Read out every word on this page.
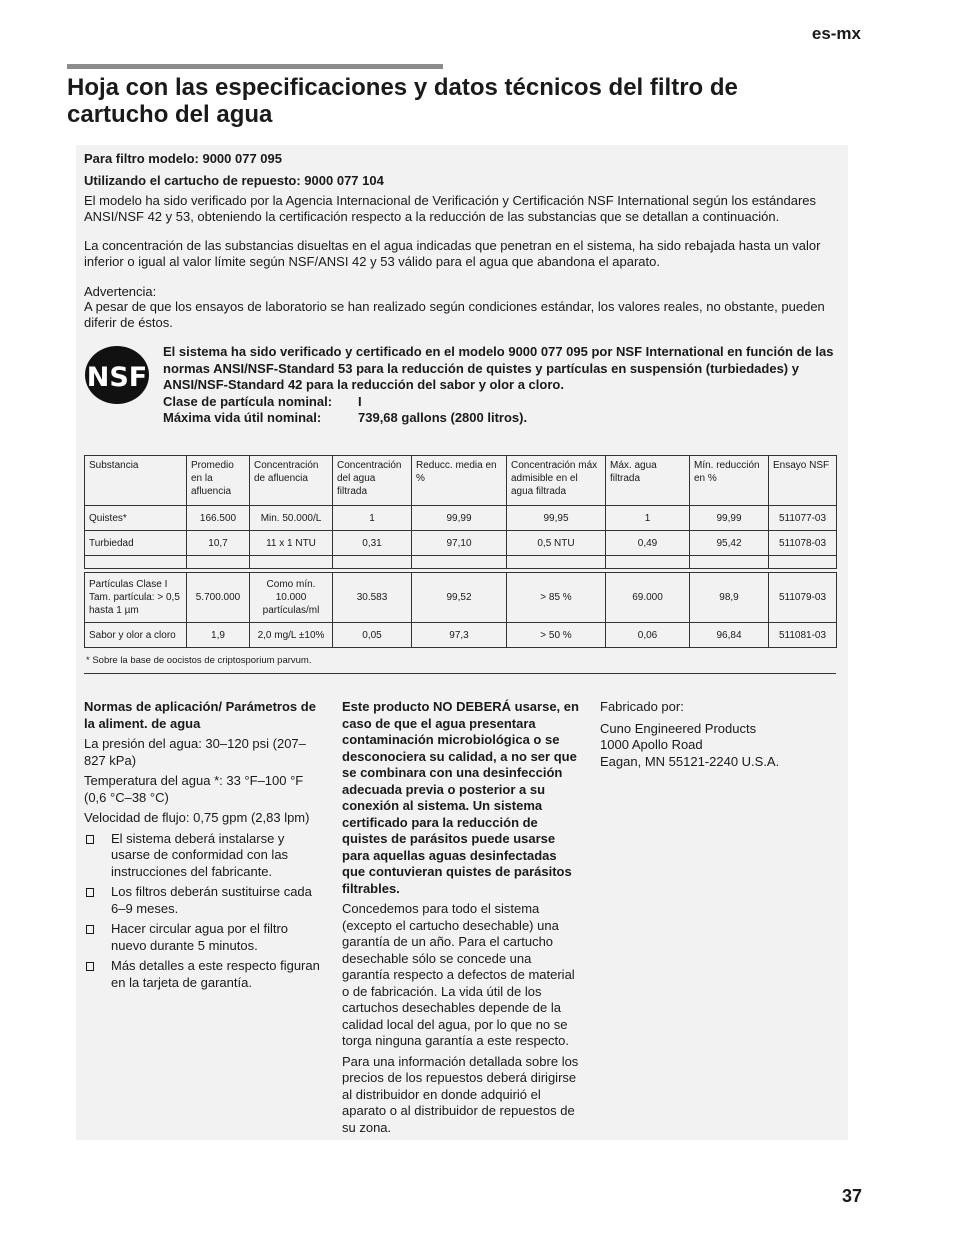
es-mx
Hoja con las especificaciones y datos técnicos del filtro de cartucho del agua

Para filtro modelo: 9000 077 095

Utilizando el cartucho de repuesto: 9000 077 104

El modelo ha sido verificado por la Agencia Internacional de Verificación y Certificación NSF International según los estándares ANSI/NSF 42 y 53, obteniendo la certificación respecto a la reducción de las substancias que se detallan a continuación.

La concentración de las substancias disueltas en el agua indicadas que penetran en el sistema, ha sido rebajada hasta un valor inferior o igual al valor límite según NSF/ANSI 42 y 53 válido para el agua que abandona el aparato.

Advertencia:

A pesar de que los ensayos de laboratorio se han realizado según condiciones estándar, los valores reales, no obstante, pueden diferir de éstos.

NSF
El sistema ha sido verificado y certificado en el modelo 9000 077 095 por NSF International en función de las normas ANSI/NSF-Standard 53 para la reducción de quistes y partículas en suspensión (turbiedades) y ANSI/NSF-Standard 42 para la reducción del sabor y olor a cloro.
Clase de partícula nominal:	I
Máxima vida útil nominal:	739,68 gallons (2800 litros).
Substancia	Promedio en la afluencia	Concentración de afluencia	Concentración del agua filtrada	Reducc. media en %	Concentración máx admisible en el agua filtrada	Máx. agua filtrada	Mín. reducción en %	Ensayo NSF
Quistes*	166.500	Min. 50.000/L	1	99,99	99,95	1	99,99	511077-03
Turbiedad	10,7	11 x 1 NTU	0,31	97,10	0,5 NTU	0,49	95,42	511078-03

Partículas Clase I Tam. partícula: > 0,5 hasta 1 µm	5.700.000	Como mín. 10.000 partículas/ml	30.583	99,52	> 85 %	69.000	98,9	511079-03
Sabor y olor a cloro	1,9	2,0 mg/L ±10%	0,05	97,3	> 50 %	0,06	96,84	511081-03
* Sobre la base de oocistos de criptosporium parvum.

Normas de aplicación/ Parámetros de la aliment. de agua

La presión del agua: 30–120 psi (207–827 kPa)

Temperatura del agua *: 33 °F–100 °F (0,6 °C–38 °C)

Velocidad de flujo: 0,75 gpm (2,83 lpm)

El sistema deberá instalarse y usarse de conformidad con las instrucciones del fabricante.
Los filtros deberán sustituirse cada 6–9 meses.
Hacer circular agua por el filtro nuevo durante 5 minutos.
Más detalles a este respecto figuran en la tarjeta de garantía.

Este producto NO DEBERÁ usarse, en caso de que el agua presentara contaminación microbiológica o se desconociera su calidad, a no ser que se combinara con una desinfección adecuada previa o posterior a su conexión al sistema. Un sistema certificado para la reducción de quistes de parásitos puede usarse para aquellas aguas desinfectadas que contuvieran quistes de parásitos filtrables.

Concedemos para todo el sistema (excepto el cartucho desechable) una garantía de un año. Para el cartucho desechable sólo se concede una garantía respecto a defectos de material o de fabricación. La vida útil de los cartuchos desechables depende de la calidad local del agua, por lo que no se torga ninguna garantía a este respecto.

Para una información detallada sobre los precios de los repuestos deberá dirigirse al distribuidor en donde adquirió el aparato o al distribuidor de repuestos de su zona.

Fabricado por:

Cuno Engineered Products
1000 Apollo Road
Eagan, MN 55121-2240 U.S.A.
37
